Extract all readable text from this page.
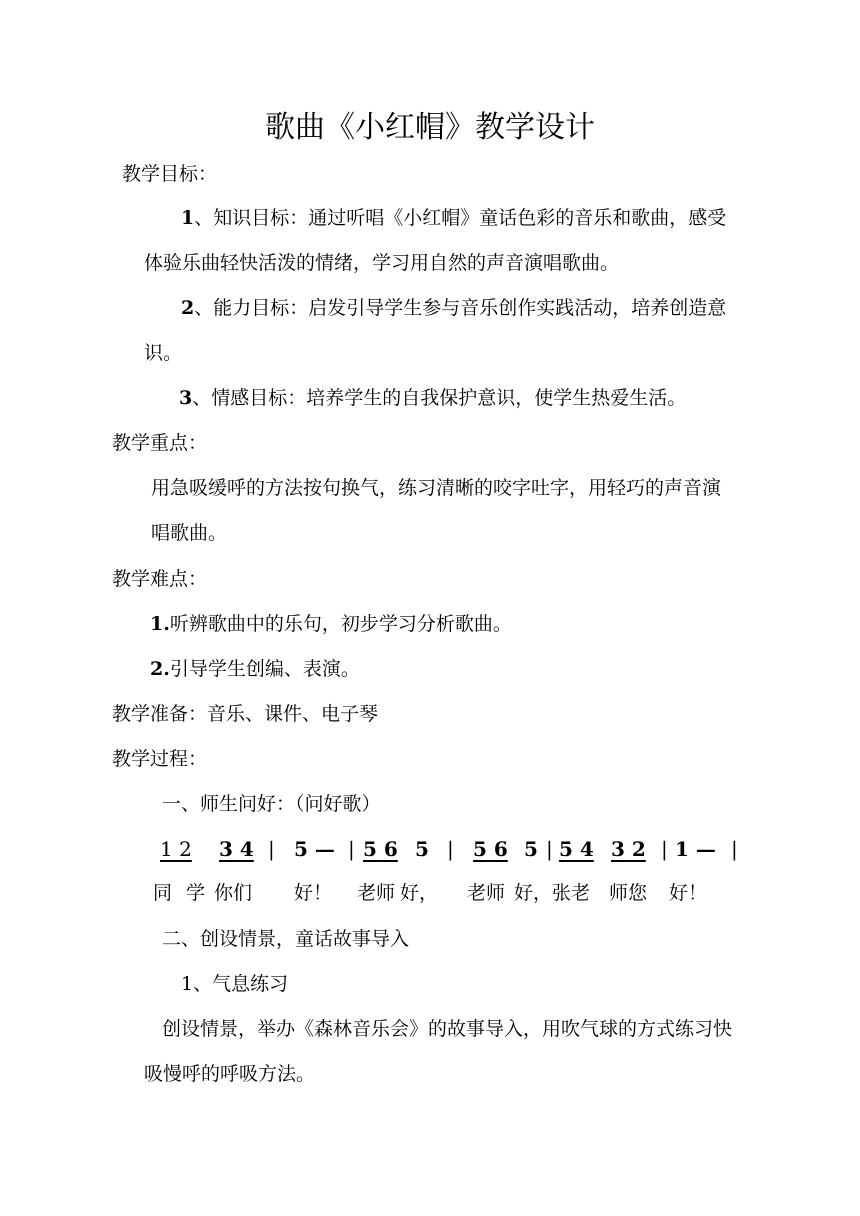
歌曲《小红帽》教学设计
教学目标：
1、知识目标：通过听唱《小红帽》童话色彩的音乐和歌曲，感受
体验乐曲轻快活泼的情绪，学习用自然的声音演唱歌曲。
2、能力目标：启发引导学生参与音乐创作实践活动，培养创造意
识。
3、情感目标：培养学生的自我保护意识，使学生热爱生活。
教学重点：
用急吸缓呼的方法按句换气，练习清晰的咬字吐字，用轻巧的声音演
唱歌曲。
教学难点：
1.听辨歌曲中的乐句，初步学习分析歌曲。
2.引导学生创编、表演。
教学准备：音乐、课件、电子琴
教学过程：
一、师生问好：（问好歌）
1 2 3 4 | 5 — | 5 6 5 | 5 6 5 | 5 4 3 2 | 1 — |
同 学 你们 好！ 老师 好， 老师 好，张老 师您 好！
二、创设情景，童话故事导入
1、气息练习
创设情景，举办《森林音乐会》的故事导入，用吹气球的方式练习快
吸慢呼的呼吸方法。
